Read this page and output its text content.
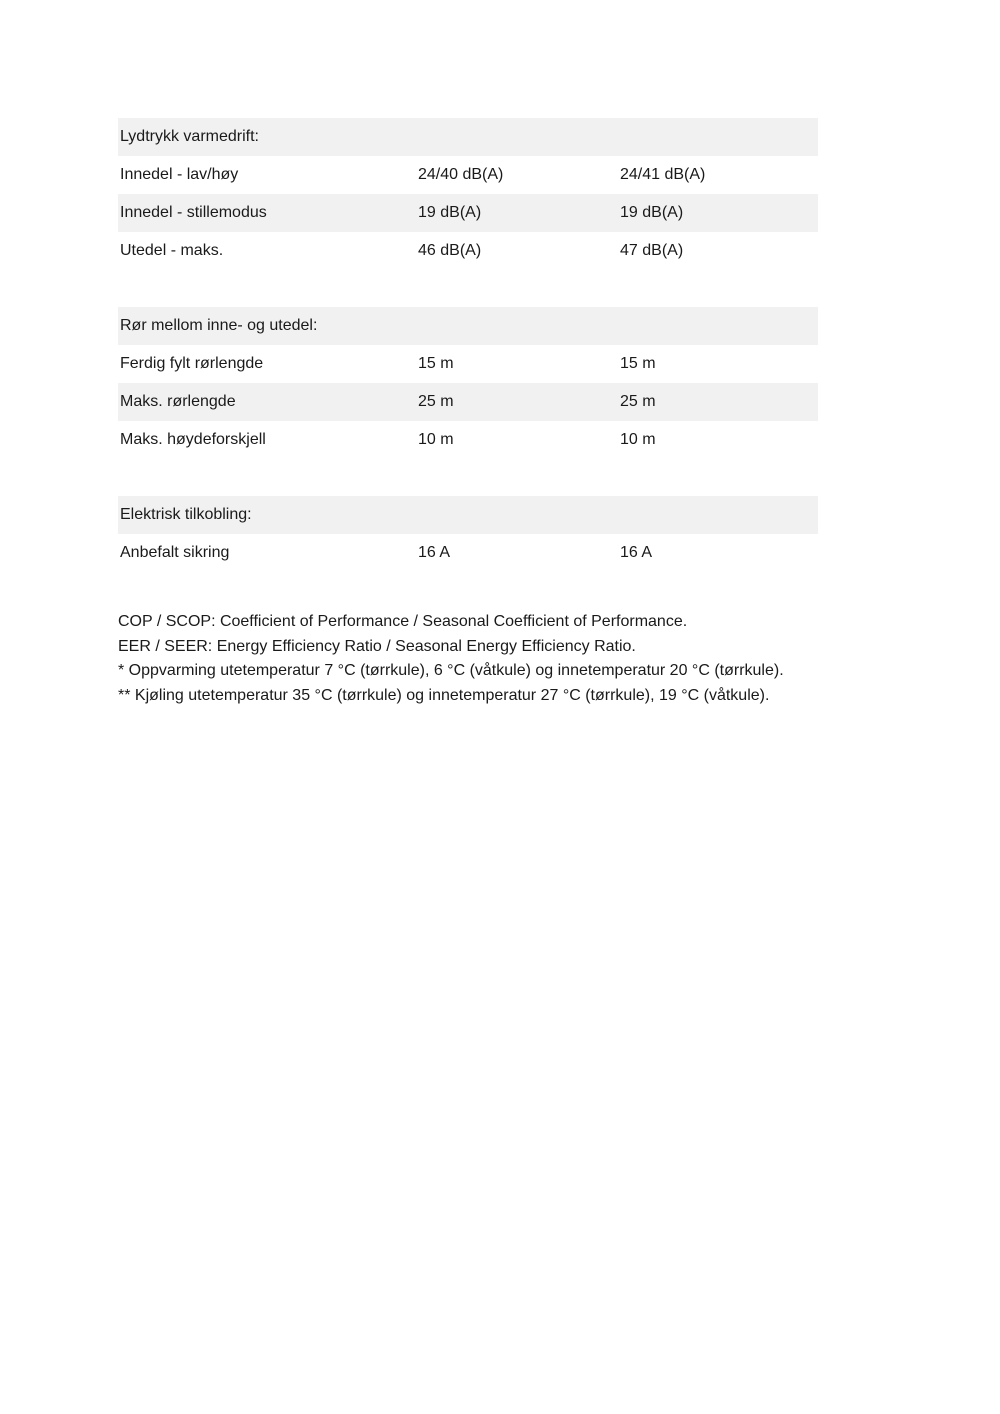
Lydtrykk varmedrift:		
Innedel - lav/høy	24/40 dB(A)	24/41 dB(A)
Innedel - stillemodus	19 dB(A)	19 dB(A)
Utedel - maks.	46 dB(A)	47 dB(A)
Rør mellom inne- og utedel:		
Ferdig fylt rørlengde	15 m	15 m
Maks. rørlengde	25 m	25 m
Maks. høydeforskjell	10 m	10 m
Elektrisk tilkobling:		
Anbefalt sikring	16 A	16 A

COP / SCOP: Coefficient of Performance / Seasonal Coefficient of Performance.

EER / SEER: Energy Efficiency Ratio / Seasonal Energy Efficiency Ratio.

* Oppvarming utetemperatur 7 °C (tørrkule), 6 °C (våtkule) og innetemperatur 20 °C (tørrkule).

** Kjøling utetemperatur 35 °C (tørrkule) og innetemperatur 27 °C (tørrkule), 19 °C (våtkule).
